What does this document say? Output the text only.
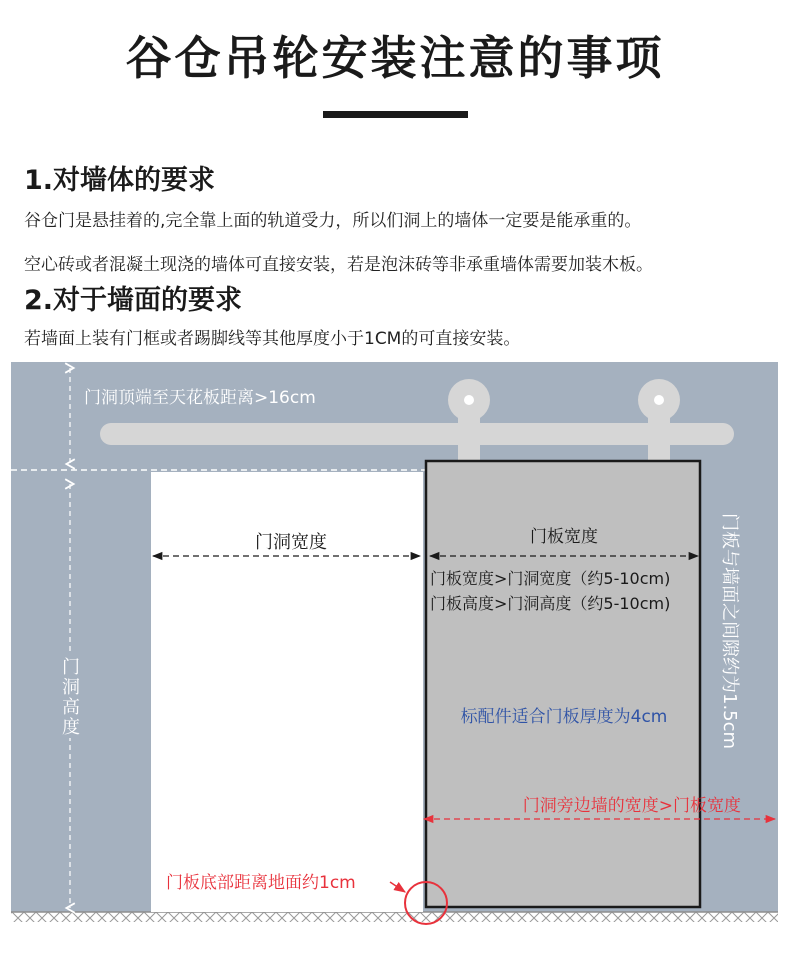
谷仓吊轮安装注意的事项
1.对墙体的要求
谷仓门是悬挂着的,完全靠上面的轨道受力，所以们洞上的墙体一定要是能承重的。
空心砖或者混凝土现浇的墙体可直接安装，若是泡沫砖等非承重墙体需要加装木板。
2.对于墙面的要求
若墙面上装有门框或者踢脚线等其他厚度小于1CM的可直接安装。
门洞顶端至天花板距离>16cm
门
洞
高
度
门洞宽度	门板宽度
门板宽度>门洞宽度（约5-10cm)
门板高度>门洞高度（约5-10cm)
标配件适合门板厚度为4cm	门板与墙面之间隙约为1.5cm
门洞旁边墙的宽度>门板宽度
门板底部距离地面约1cm
